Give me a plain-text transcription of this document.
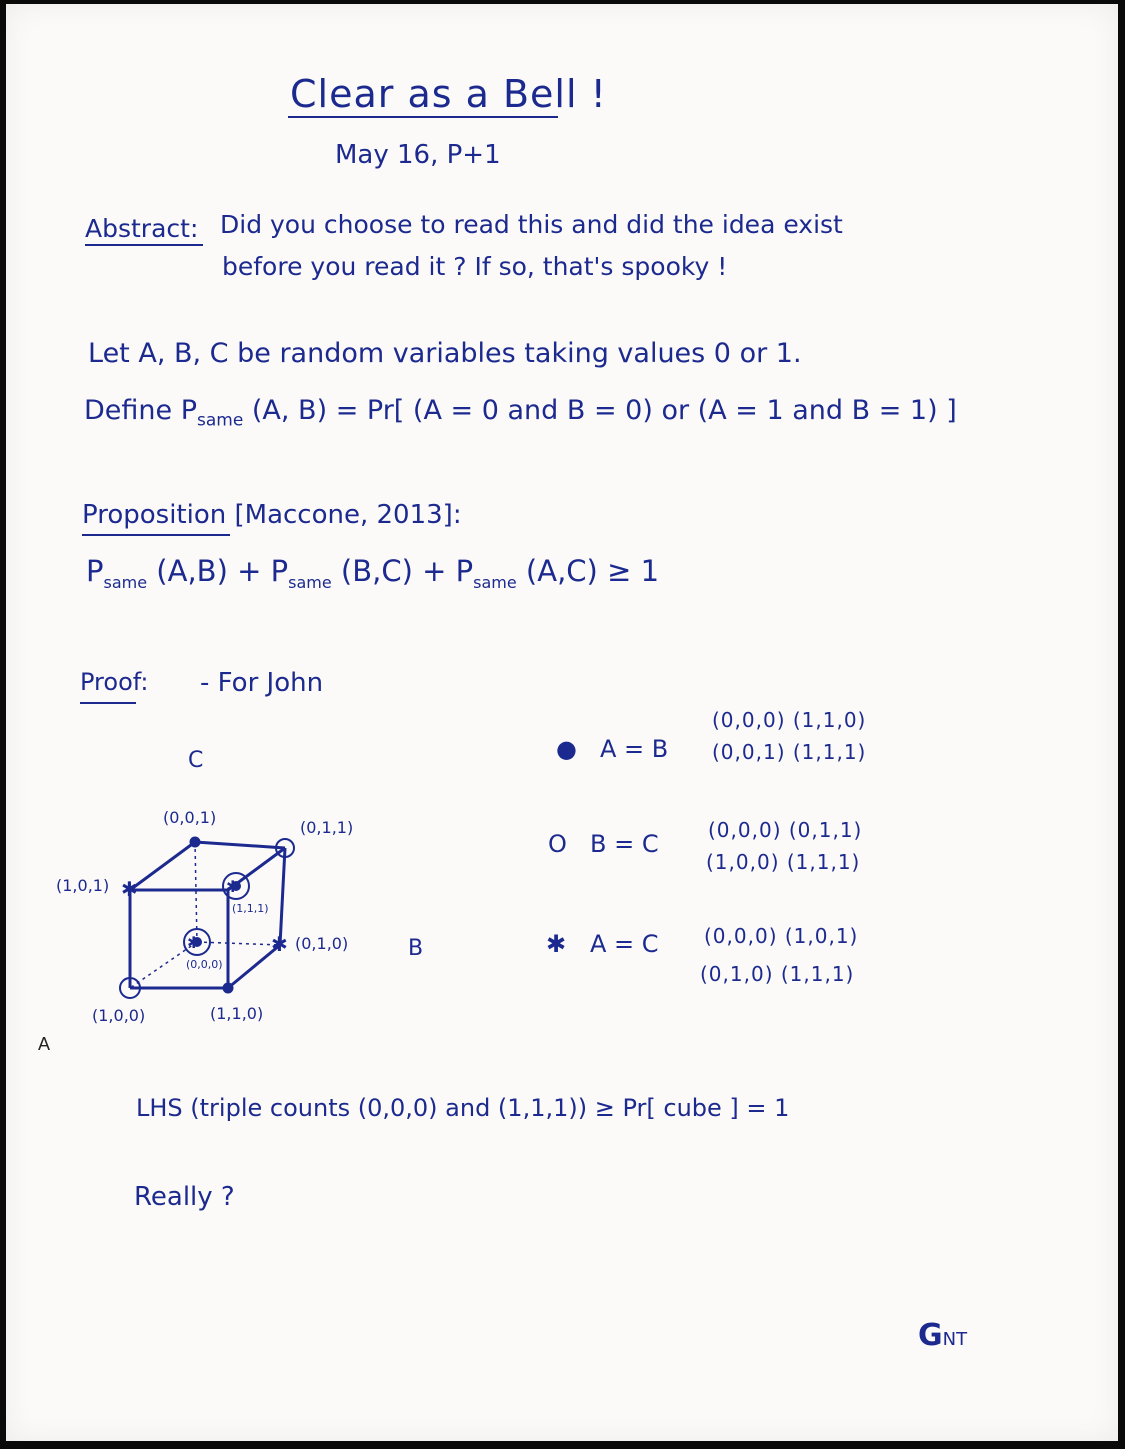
Clear as a Bell !
May 16, P+1
Abstract: Did you choose to read this and did the idea exist
before you read it ? If so, that's spooky !
Let A, B, C be random variables taking values 0 or 1.
Define $P_{same}$ (A, B) = Pr[ (A = 0 and B = 0) or (A = 1 and B = 1) ]
Proposition [Maccone, 2013]:
$P_{same}$ $(A,B) + P_{same}$ $(B,C) + P_{same}$ (A,C) ≥ 1
Proof: - For John
✱
✱
✱
✱
C
B
A
(0,0,1)
(0,1,1)
(1,0,1)
(1,1,1)
(0,0,0)
(0,1,0)
(1,0,0)	(1,1,0)
● A = B
(0,0,0) (1,1,0)
(0,0,1) (1,1,1)
O B = C (0,0,0) (0,1,1)
(1,0,0) (1,1,1)
✱ A = C (0,0,0) (1,0,1)
(0,1,0) (1,1,1)
LHS (triple counts (0,0,0) and (1,1,1)) ≥ Pr[ cube ] = 1
Really ?
GNT
